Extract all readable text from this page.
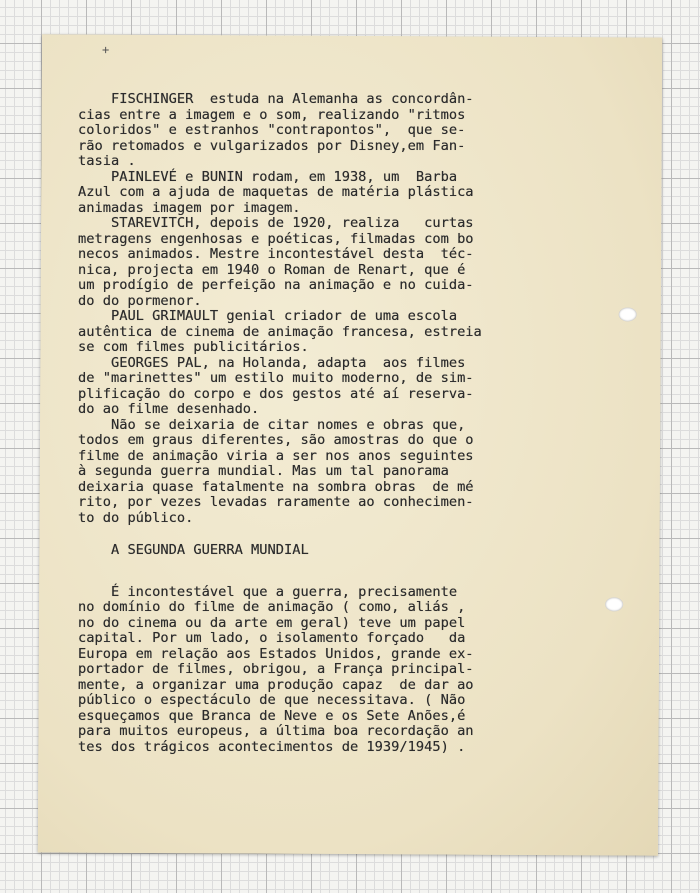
+
FISCHINGER  estuda na Alemanha as concordân-
cias entre a imagem e o som, realizando "ritmos
coloridos" e estranhos "contrapontos",  que se-
rão retomados e vulgarizados por Disney,em Fan-
tasia .
PAINLEVÉ e BUNIN rodam, em 1938, um  Barba
Azul com a ajuda de maquetas de matéria plástica
animadas imagem por imagem.
STAREVITCH, depois de 1920, realiza   curtas
metragens engenhosas e poéticas, filmadas com bo
necos animados. Mestre incontestável desta  téc-
nica, projecta em 1940 o Roman de Renart, que é
um prodígio de perfeição na animação e no cuida-
do do pormenor.
PAUL GRIMAULT genial criador de uma escola
autêntica de cinema de animação francesa, estreia
se com filmes publicitários.
GEORGES PAL, na Holanda, adapta  aos filmes
de "marinettes" um estilo muito moderno, de sim-
plificação do corpo e dos gestos até aí reserva-
do ao filme desenhado.
Não se deixaria de citar nomes e obras que,
todos em graus diferentes, são amostras do que o
filme de animação viria a ser nos anos seguintes
à segunda guerra mundial. Mas um tal panorama
deixaria quase fatalmente na sombra obras  de mé
rito, por vezes levadas raramente ao conhecimen-
to do público.
A SEGUNDA GUERRA MUNDIAL
É incontestável que a guerra, precisamente
no domínio do filme de animação ( como, aliás ,
no do cinema ou da arte em geral) teve um papel
capital. Por um lado, o isolamento forçado   da
Europa em relação aos Estados Unidos, grande ex-
portador de filmes, obrigou, a França principal-
mente, a organizar uma produção capaz  de dar ao
público o espectáculo de que necessitava. ( Não
esqueçamos que Branca de Neve e os Sete Anões,é
para muitos europeus, a última boa recordação an
tes dos trágicos acontecimentos de 1939/1945) .
